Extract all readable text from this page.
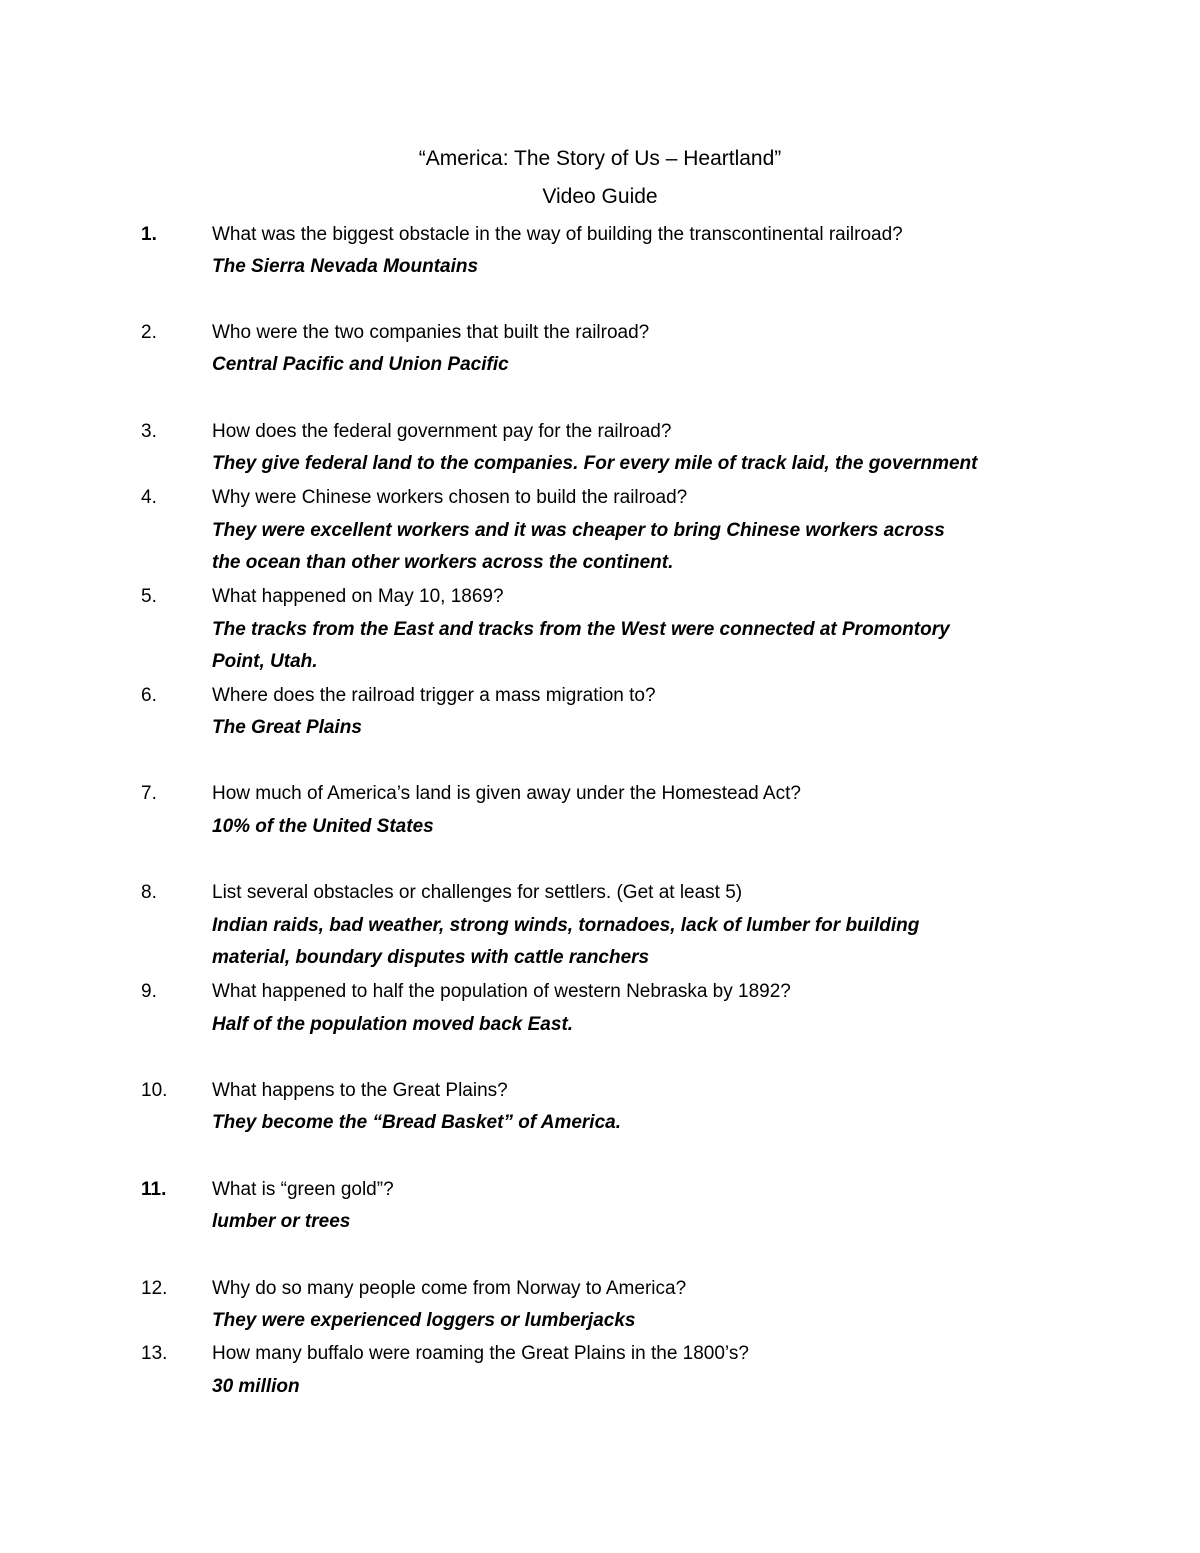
“America: The Story of Us – Heartland”
Video Guide
1.	What was the biggest obstacle in the way of building the transcontinental railroad?
The Sierra Nevada Mountains
2.	Who were the two companies that built the railroad?
Central Pacific and Union Pacific
3.	How does the federal government pay for the railroad?
They give federal land to the companies. For every mile of track laid, the government
4.	Why were Chinese workers chosen to build the railroad?
They were excellent workers and it was cheaper to bring Chinese workers across
the ocean than other workers across the continent.
5.	What happened on May 10, 1869?
The tracks from the East and tracks from the West were connected at Promontory
Point, Utah.
6.	Where does the railroad trigger a mass migration to?
The Great Plains
7.	How much of America’s land is given away under the Homestead Act?
10% of the United States
8.	List several obstacles or challenges for settlers. (Get at least 5)
Indian raids, bad weather, strong winds, tornadoes, lack of lumber for building
material, boundary disputes with cattle ranchers
9.	What happened to half the population of western Nebraska by 1892?
Half of the population moved back East.
10. What happens to the Great Plains?
They become the “Bread Basket” of America.
11. What is “green gold”?
lumber or trees
12. Why do so many people come from Norway to America?
They were experienced loggers or lumberjacks
13. How many buffalo were roaming the Great Plains in the 1800’s?
30 million
